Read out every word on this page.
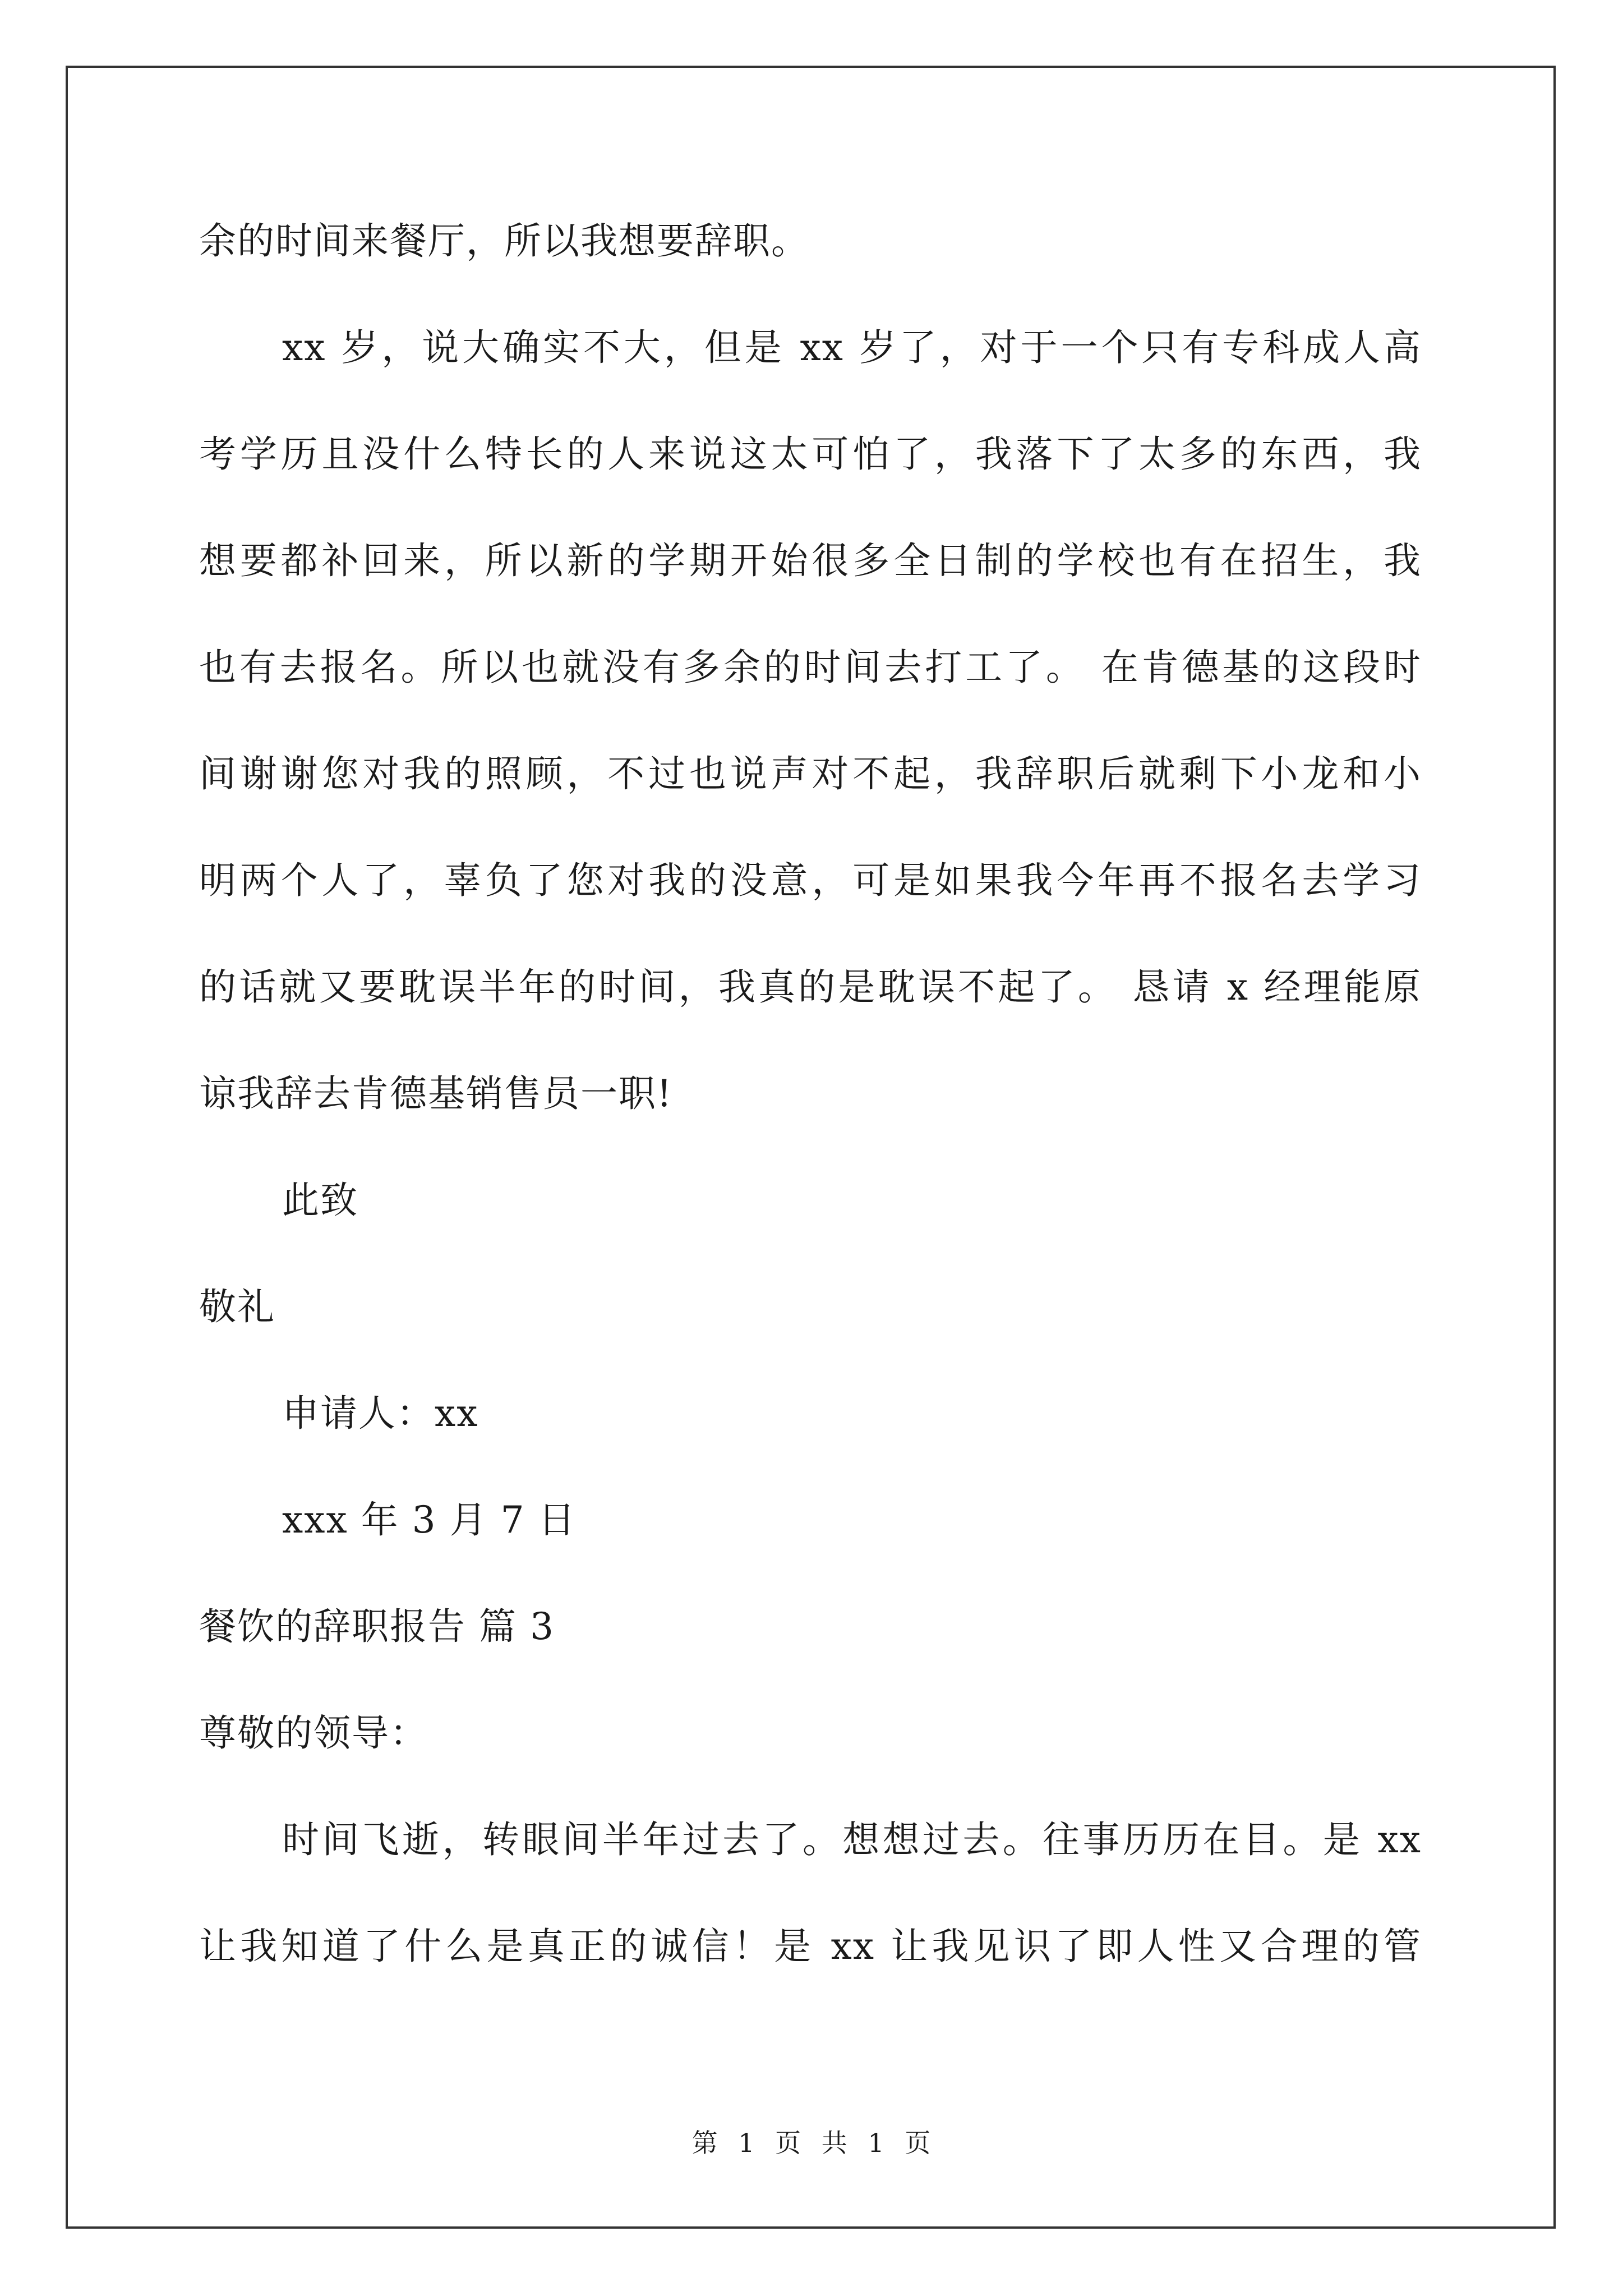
余的时间来餐厅，所以我想要辞职。
xx 岁，说大确实不大，但是 xx 岁了，对于一个只有专科成人高
考学历且没什么特长的人来说这太可怕了，我落下了太多的东西，我
想要都补回来，所以新的学期开始很多全日制的学校也有在招生，我
也有去报名。所以也就没有多余的时间去打工了。 在肯德基的这段时
间谢谢您对我的照顾，不过也说声对不起，我辞职后就剩下小龙和小
明两个人了，辜负了您对我的没意，可是如果我今年再不报名去学习
的话就又要耽误半年的时间，我真的是耽误不起了。 恳请 x 经理能原
谅我辞去肯德基销售员一职!
此致
敬礼
申请人：xx
xxx 年 3 月 7 日
餐饮的辞职报告 篇 3
尊敬的领导：
时间飞逝，转眼间半年过去了。想想过去。往事历历在目。是 xx
让我知道了什么是真正的诚信！是 xx 让我见识了即人性又合理的管
第 1 页 共 1 页
